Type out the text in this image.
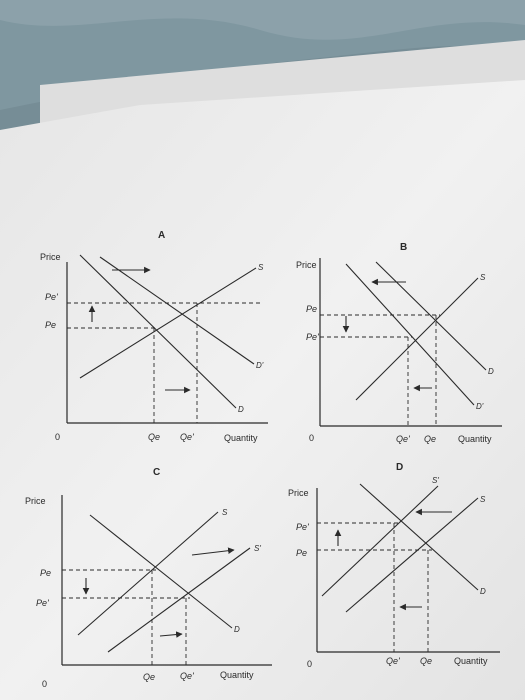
A
Price
0	Qe Qe'	Quantity
Pe'
Pe
S
D
D'
B
Price
0	Qe' Qe Quantity
Pe
Pe'
S
D
D'
C
Price
0
Qe	Qe'	Quantity
Pe
Pe'
S
S'
D
D
Price
0	Qe' Qe Quantity
Pe'
Pe
S
S'
D
